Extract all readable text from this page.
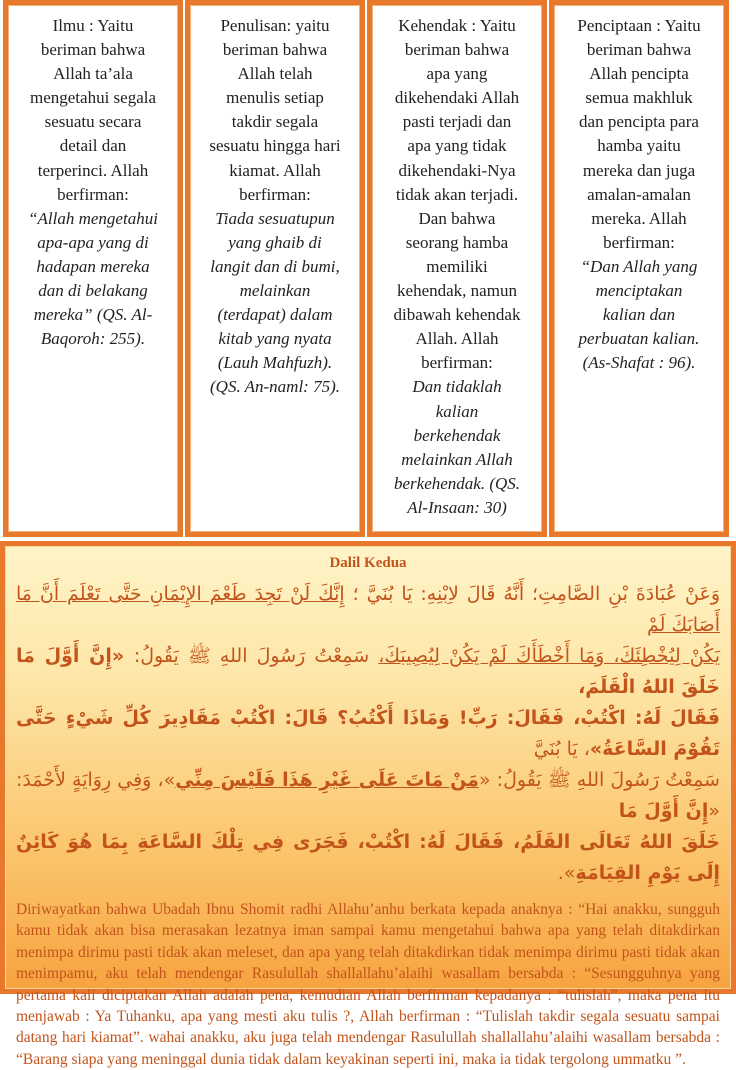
Ilmu : Yaitu
beriman bahwa
Allah ta’ala
mengetahui segala
sesuatu secara
detail dan
terperinci. Allah
berfirman:
“Allah mengetahui
apa-apa yang di
hadapan mereka
dan di belakang
mereka” (QS. Al-
Baqoroh: 255).
Penulisan: yaitu
beriman bahwa
Allah telah
menulis setiap
takdir segala
sesuatu hingga hari
kiamat. Allah
berfirman:
Tiada sesuatupun
yang ghaib di
langit dan di bumi,
melainkan
(terdapat) dalam
kitab yang nyata
(Lauh Mahfuzh).
(QS. An-naml: 75).
Kehendak : Yaitu
beriman bahwa
apa yang
dikehendaki Allah
pasti terjadi dan
apa yang tidak
dikehendaki-Nya
tidak akan terjadi.
Dan bahwa
seorang hamba
memiliki
kehendak, namun
dibawah kehendak
Allah. Allah
berfirman:
Dan tidaklah
kalian
berkehendak
melainkan Allah
berkehendak. (QS.
Al-Insaan: 30)
Penciptaan : Yaitu
beriman bahwa
Allah pencipta
semua makhluk
dan pencipta para
hamba yaitu
mereka dan juga
amalan-amalan
mereka. Allah
berfirman:
“Dan Allah yang
menciptakan
kalian dan
perbuatan kalian.
(As-Shafat : 96).
Dalil Kedua
وَعَنْ عُبَادَةَ بْنِ الصَّامِتِ؛ أَنَّهُ قَالَ لاِبْنِهِ: يَا بُنَيَّ ؛ إِنَّكَ لَنْ تَجِدَ طَعْمَ الإِيْمَانِ حَتَّى تَعْلَمَ أَنَّ مَا أَصَابَكَ لَمْ
يَكُنْ لِيُخْطِئَكَ، وَمَا أَخْطَأَكَ لَمْ يَكُنْ لِيُصِيبَكَ، سَمِعْتُ رَسُولَ اللهِ ﷺ يَقُولُ: «إِنَّ أَوَّلَ مَا خَلَقَ اللهُ الْقَلَمَ،
فَقَالَ لَهُ: اكْتُبْ، فَقَالَ: رَبِّ! وَمَاذَا أَكْتُبُ؟ قَالَ: اكْتُبْ مَقَادِيرَ كُلِّ شَيْءٍ حَتَّى تَقُوْمَ السَّاعَةُ»، يَا بُنَيَّ
سَمِعْتُ رَسُولَ اللهِ ﷺ يَقُولُ: «مَنْ مَاتَ عَلَى غَيْرِ هَذَا فَلَيْسَ مِنِّي»، وَفِي رِوَايَةٍ لأَحْمَدَ: «إِنَّ أَوَّلَ مَا
خَلَقَ اللهُ تَعَالَى القَلَمُ، فَقَالَ لَهُ: اكْتُبْ، فَجَرَى فِي تِلْكَ السَّاعَةِ بِمَا هُوَ كَائِنٌ إِلَى يَوْمِ القِيَامَةِ».
Diriwayatkan bahwa Ubadah Ibnu Shomit radhi Allahu’anhu berkata kepada anaknya : “Hai anakku, sungguh kamu tidak akan bisa merasakan lezatnya iman sampai kamu mengetahui bahwa apa yang telah ditakdirkan menimpa dirimu pasti tidak akan meleset, dan apa yang telah ditakdirkan tidak menimpa dirimu pasti tidak akan menimpamu, aku telah mendengar Rasulullah shallallahu’alaihi wasallam bersabda : “Sesungguhnya yang pertama kali diciptakan Allah adalah pena, kemudian Allah berfirman kepadanya : “tulislah”, maka pena itu menjawab : Ya Tuhanku, apa yang mesti aku tulis ?, Allah berfirman : “Tulislah takdir segala sesuatu sampai datang hari kiamat”. wahai anakku, aku juga telah mendengar Rasulullah shallallahu’alaihi wasallam bersabda : “Barang siapa yang meninggal dunia tidak dalam keyakinan seperti ini, maka ia tidak tergolong ummatku ”.
